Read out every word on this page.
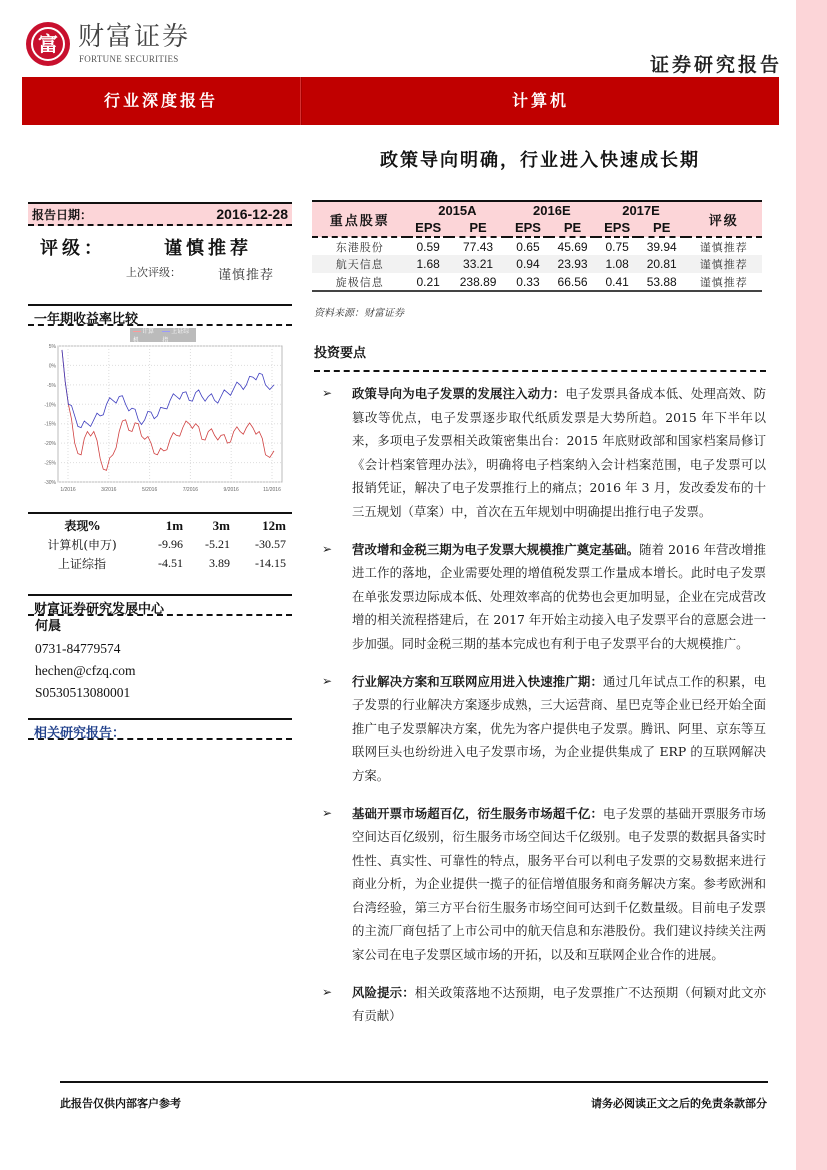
富 财富证券
FORTUNE SECURITIES	证券研究报告
行业深度报告	计算机
政策导向明确，行业进入快速成长期
报告日期：	2016-12-28
评级：	谨慎推荐
上次评级：	谨慎推荐
一年期收益率比较
计算机
上证综指
5%
0%
-5%
-10%
-15%
-20%
-25%
-30%
1/2016	3/2016	5/2016	7/2016	9/2016	11/2016
表现%	1m	3m	12m
计算机(申万)	-9.96	-5.21	-30.57
上证综指	-4.51	3.89	-14.15
财富证券研究发展中心
何晨
0731-84779574
hechen@cfzq.com
S0530513080001
相关研究报告：
重点股票	2015A		2016E		2017E		评级
	EPS	PE	EPS	PE	EPS	PE	
东港股份	0.59	77.43	0.65	45.69	0.75	39.94	谨慎推荐
航天信息	1.68	33.21	0.94	23.93	1.08	20.81	谨慎推荐
旋极信息	0.21	238.89	0.33	66.56	0.41	53.88	谨慎推荐
资料来源：财富证券
投资要点
➢ 政策导向为电子发票的发展注入动力：电子发票具备成本低、处理高效、防篡改等优点，电子发票逐步取代纸质发票是大势所趋。2015 年下半年以来，多项电子发票相关政策密集出台：2015 年底财政部和国家档案局修订《会计档案管理办法》，明确将电子档案纳入会计档案范围，电子发票可以报销凭证，解决了电子发票推行上的痛点；2016 年 3 月，发改委发布的十三五规划（草案）中，首次在五年规划中明确提出推行电子发票。
➢ 营改增和金税三期为电子发票大规模推广奠定基础。随着 2016 年营改增推进工作的落地，企业需要处理的增值税发票工作量成本增长。此时电子发票在单张发票边际成本低、处理效率高的优势也会更加明显，企业在完成营改增的相关流程搭建后，在 2017 年开始主动接入电子发票平台的意愿会进一步加强。同时金税三期的基本完成也有利于电子发票平台的大规模推广。
➢ 行业解决方案和互联网应用进入快速推广期：通过几年试点工作的积累，电子发票的行业解决方案逐步成熟，三大运营商、星巴克等企业已经开始全面推广电子发票解决方案，优先为客户提供电子发票。腾讯、阿里、京东等互联网巨头也纷纷进入电子发票市场，为企业提供集成了 ERP 的互联网解决方案。
➢ 基础开票市场超百亿，衍生服务市场超千亿：电子发票的基础开票服务市场空间达百亿级别，衍生服务市场空间达千亿级别。电子发票的数据具备实时性性、真实性、可靠性的特点，服务平台可以利电子发票的交易数据来进行商业分析，为企业提供一揽子的征信增值服务和商务解决方案。参考欧洲和台湾经验，第三方平台衍生服务市场空间可达到千亿数量级。目前电子发票的主流厂商包括了上市公司中的航天信息和东港股份。我们建议持续关注两家公司在电子发票区域市场的开拓，以及和互联网企业合作的进展。
➢ 风险提示：相关政策落地不达预期，电子发票推广不达预期（何颖对此文亦有贡献）
此报告仅供内部客户参考	请务必阅读正文之后的免责条款部分
